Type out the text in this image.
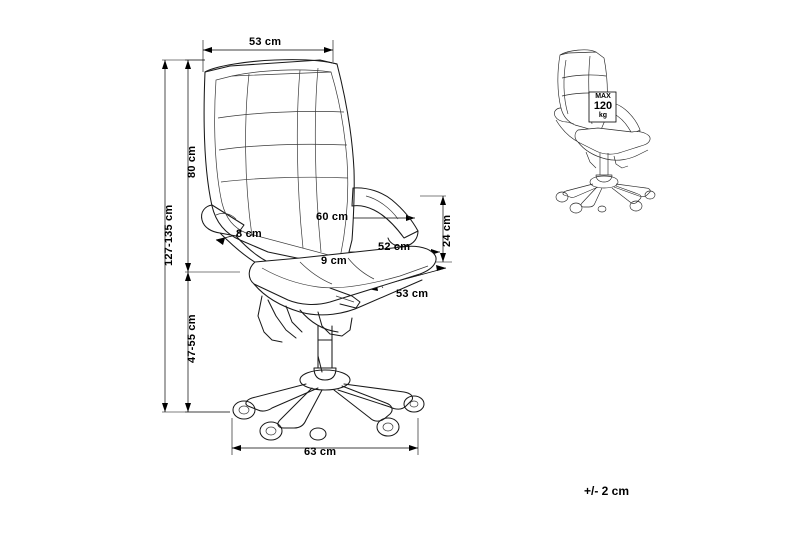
53 cm
80 cm
127-135 cm
47-55 cm
60 cm
8 cm	24 cm
52 cm
9 cm
53 cm
63 cm
MAX
120
kg
+/- 2 cm
